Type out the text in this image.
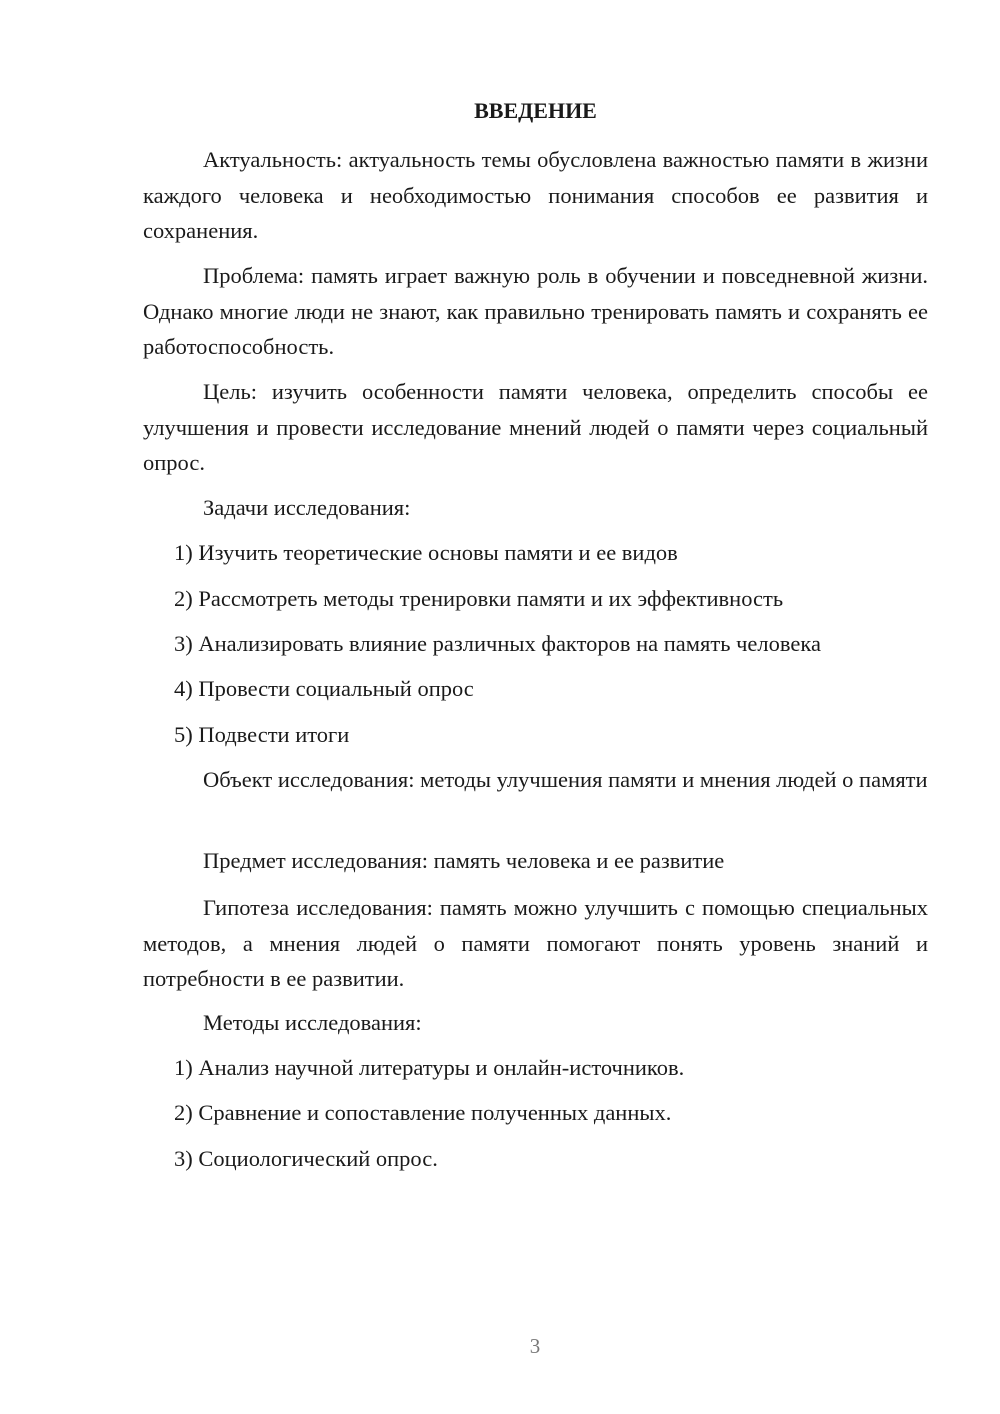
ВВЕДЕНИЕ

Актуальность: актуальность темы обусловлена важностью памяти в жизни каждого человека и необходимостью понимания способов ее развития и сохранения.

Проблема: память играет важную роль в обучении и повседневной жизни. Однако многие люди не знают, как правильно тренировать память и сохранять ее работоспособность.

Цель: изучить особенности памяти человека, определить способы ее улучшения и провести исследование мнений людей о памяти через социальный опрос.

Задачи исследования:

1) Изучить теоретические основы памяти и ее видов

2) Рассмотреть методы тренировки памяти и их эффективность

3) Анализировать влияние различных факторов на память человека

4) Провести социальный опрос

5) Подвести итоги

Объект исследования: методы улучшения памяти и мнения людей о памяти

Предмет исследования: память человека и ее развитие

Гипотеза исследования: память можно улучшить с помощью специальных методов, а мнения людей о памяти помогают понять уровень знаний и потребности в ее развитии.

Методы исследования:

1) Анализ научной литературы и онлайн-источников.

2) Сравнение и сопоставление полученных данных.

3) Социологический опрос.

3
